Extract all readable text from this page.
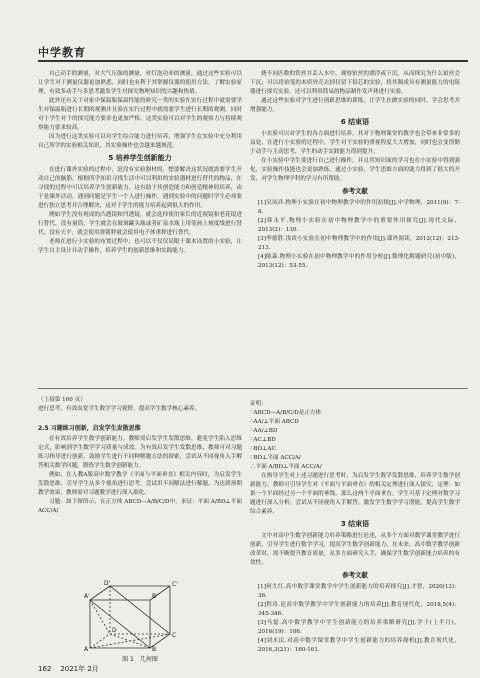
中学教育

自己动手的测量，对大气压强的测量，对灯泡功率的测量，通过这些实验可以让学生对于测量仪器更加熟悉，同时也有利于其掌握仪器的使用方法，了解实验原理，有效多动手与多思考激发学生对探究物理知识的兴趣和热情。

此外还有关于对家中保温瓶保温性能的研究一类的实验在实行过程中就需要学生对保温瓶进行长期的观测并且验在实行过程中就需要学生进行长期的观测，同时对于学生对于的探究能力要求也更加严格。这类实验可以对学生的观察力与持续观察能力要求较高。

因为进行这类实验可以对学生综合能力进行培养，增强学生在实验中充分利用自己所学的实验相关知识，其实验操作也会越来越规范。

5 培养学生创新能力

在进行课外实验的过程中，是没有实验器材的，想要解决这状况就需要学生开动自己的脑筋，根据所学知识寻找生活中可以利用的实验器材进行替代的物品，在寻找的过程中可以培养学生创新能力。这有助于其创造能力和创造精神的培养，由于是课外活动，遇到问题是学生一个人进行操作，遇到实验中的问题时学生必须要进行独立思考并合理解决，这对于学生的能力培养起到很大的作用。

例如学生没有现成的凸透镜和凹透镜，就会选择使用家长的近视镜和老花镜进行替代，没有量筒，学生就会在玻璃罐头瓶或者矿泉水瓶上用笔画上刻度线进行替代，没有天平，就会使用弹簧秤就会使用电子体重秤进行替代。

老师在进行小实验的布置过程中，也可以不仅仅局限于课本设置的小实验，让学生自主设计并动手操作，培养学生的创新思维和实践能力。

烧不同匹数的铁丝并丢入水中，观察铂丝的漂浮或下沉，从而探究为什么铂丝会下沉；可以将铂笔的木质外壳去掉仅留下铅芯的实验，将其制成具有测量能力的电阻器进行探究实验，还可以利用简易的物品制作发声体进行实验。

通过这些实验对学生进行创新思维的训练，让学生在做实验的同时，学会思考并增强能力。

6 结束语

小实验可以对学生的各方面进行培养，其对于物理课堂的教学也会带来非常多的益处，在进行小实验的过程中，学生对于实验的重视程度大大增加，同时也会变得勤于动手与主动思考，学生的动手实践能力得到提升。

在小实验中学生要进行自己进行操作，并且其知识面的学习也在小实验中得到强化，实验操作技能也会更加熟练。通过小实验，学生思维方面的能力得到了很大的开发，对学生物理学科的学习有所帮助。

参考文献

[1]吴凤祥.物理小实验在初中物理教学中的作用初探[J].中学物理，2011(9)：7-8.

[2]韩永平.物理小实验在初中物理教学中的重要作用探究[J].现代交际，2013(2)：130.

[3]李德胜.浅谈小实验在初中物理教学中的作用[J].课外阅读，2012(12)：213-213.

[4]陈森.物理小实验在初中物理教学中的作用分析[J].数理化解题研究(初中版)，2013(12)：53-55.

（上接第 160 页）
进行思考，有效而宽学生数学学习视野，提高学生数学核心素养。
2.5 习题练习创新，启发学生发散思维

在有效培养学生数学创新能力，教师需启发学生发散思维，避免学生陷入思维定式，影响到学生数学学习质量与成效。为有效启发学生发散思维，教师可对习题练习指导进行创新，鼓励学生进行不同种解题方法的探索，尝试从不同视角入手解答相关数学问题，锻炼学生数学创新能力。

例如，在人教A版高中数学教学《平面与平面垂直》相关内容时，为启发学生发散思维，引导学生从多个视角进行思考，尝试用不同解法进行解题，为达到预期教学效果，教师需对习题教学进行深入细化。

习题：如下图所示，在正方体 ABCD—A/B/C/D中，求证：平面 A/BD⊥平面 ACC/A/

A'	B'
C'
D'
A	B
C
D
图 1　几何图

证明：

∵ABCD—A/B/C/D是正方体

∴AA/⊥平面 ABCD

∴AA/⊥BD

∵AC⊥BD

∴BD⊥AC

∴BD⊥平面 ACC/A/

∴平面 A/BD⊥平面 ACC/A/

在指导学生对上述习题进行思考时，为启发学生数学发散思维，培养学生数学创新能力，教师可引导学生对《平面与平面垂直》的相关定理进行深入探究，定理：如果一个平面经过另一个平面的垂线，那么这两个平面垂直。学生可基于定理对数学习题进行深入分析，尝试从不同视角入手解答，激发学生数学学习潜能，提高学生数学综合素养。

3 结束语

文中对高中生数学创新能力培养策略进行论述，从多个方面对数学课堂教学进行创新，引导学生进行数学学习，提高学生数学创新能力。在未来，高中数学教学创新改革时，需不断提升教育质量，从多方面研究入手，确保学生数学创新能力培养的有效性。

参考文献

[1]何九红.高中数学课堂教学中学生创新能力的培养探究[J].才智，2020(12)：36.

[2]程涛.论高中数学教学中学生创新能力的培养[J].教育现代化，2018,5(4)：345-346.

[3]马磊.高中数学教学中学生创新能力的培养策略研究[J].学子(上半月)，2016(19)：106.

[4]刘水民.对高中数学课堂教学中学生创新能力的培养探析[J].教育现代化，2016,3(21)：160-161.

162 2021年 2月
